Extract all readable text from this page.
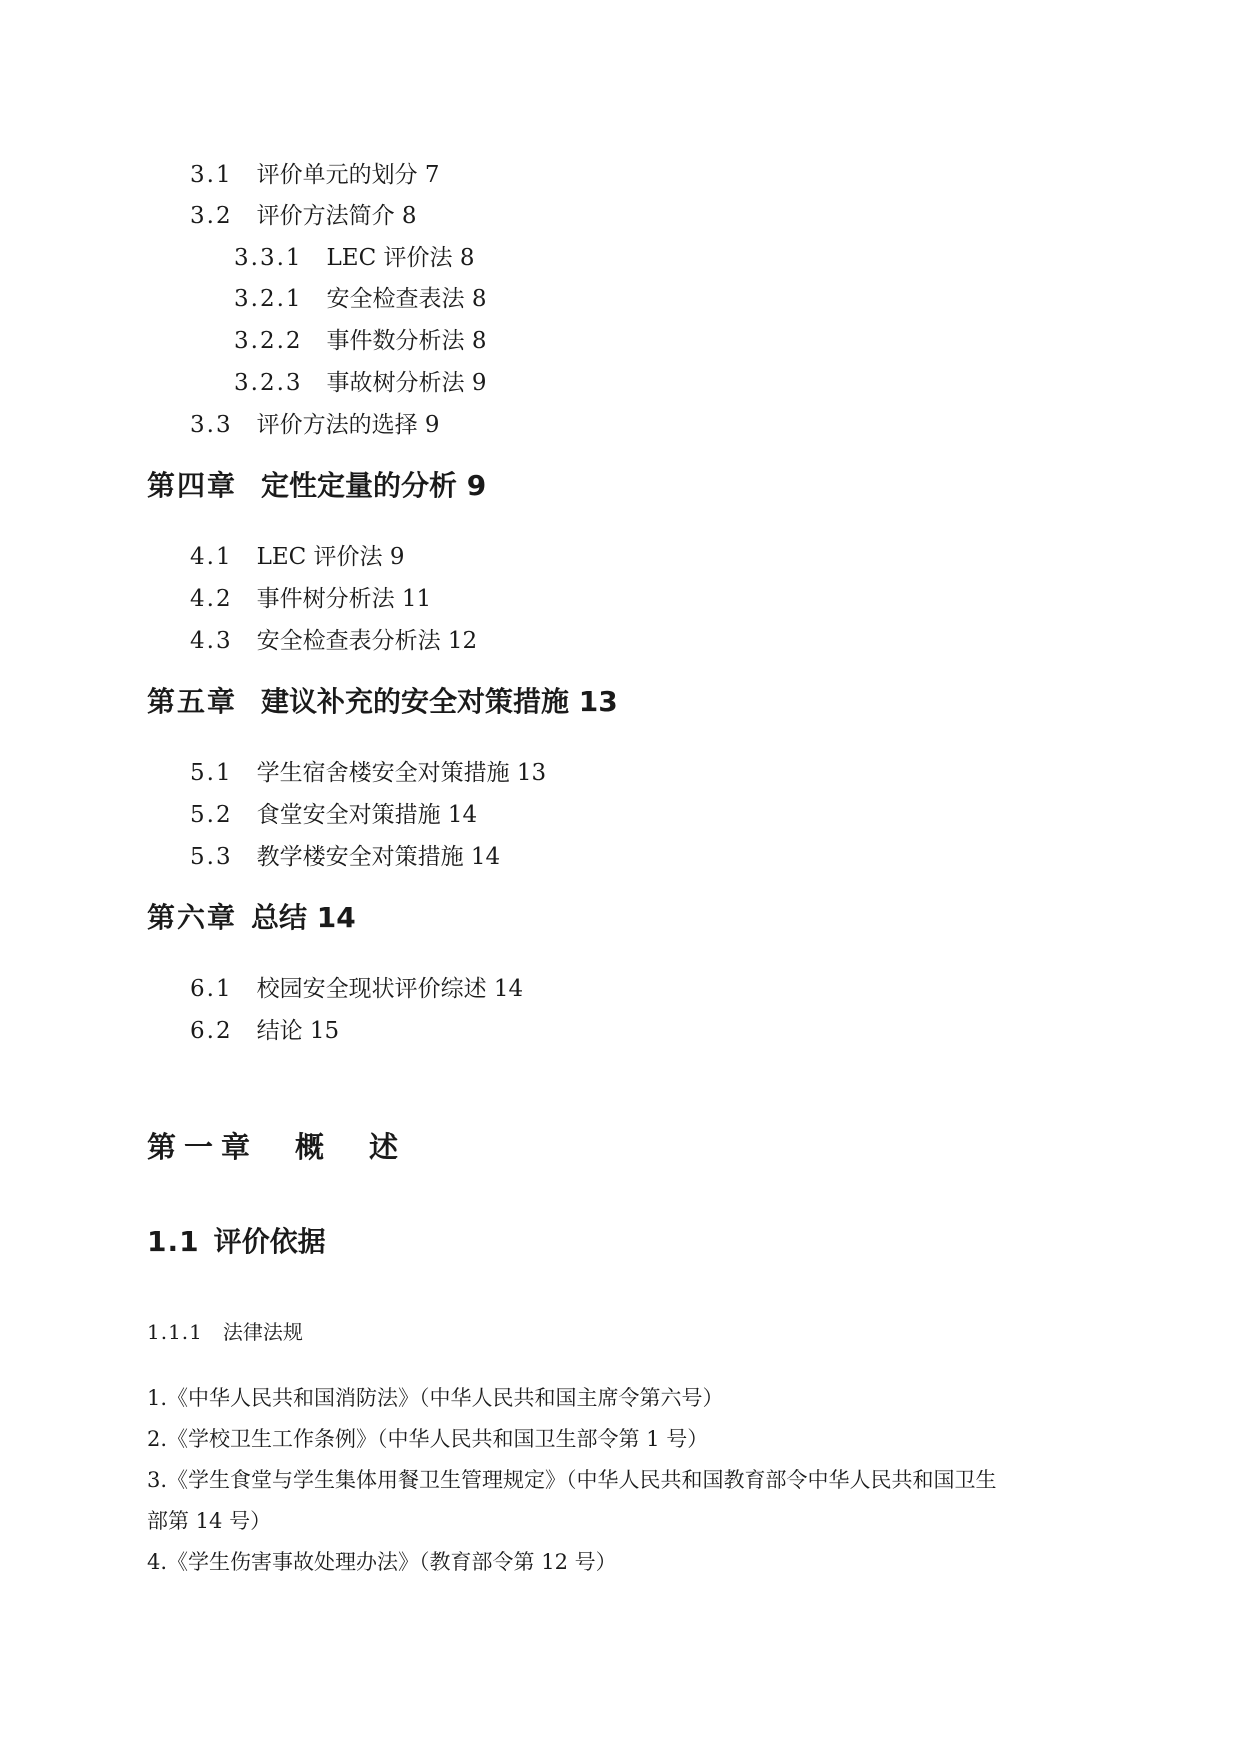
3.1 评价单元的划分 7
3.2 评价方法简介 8
3.3.1 LEC 评价法 8
3.2.1 安全检查表法 8
3.2.2 事件数分析法 8
3.2.3 事故树分析法 9
3.3 评价方法的选择 9
第四章 定性定量的分析 9
4.1 LEC 评价法 9
4.2 事件树分析法 11
4.3 安全检查表分析法 12
第五章 建议补充的安全对策措施 13
5.1 学生宿舍楼安全对策措施 13
5.2 食堂安全对策措施 14
5.3 教学楼安全对策措施 14
第六章 总结 14
6.1 校园安全现状评价综述 14
6.2 结论 15
第一章　概　述
1.1 评价依据
1.1.1 法律法规
1.《中华人民共和国消防法》（中华人民共和国主席令第六号）
2.《学校卫生工作条例》（中华人民共和国卫生部令第 1 号）
3.《学生食堂与学生集体用餐卫生管理规定》（中华人民共和国教育部令中华人民共和国卫生
部第 14 号）
4.《学生伤害事故处理办法》（教育部令第 12 号）
